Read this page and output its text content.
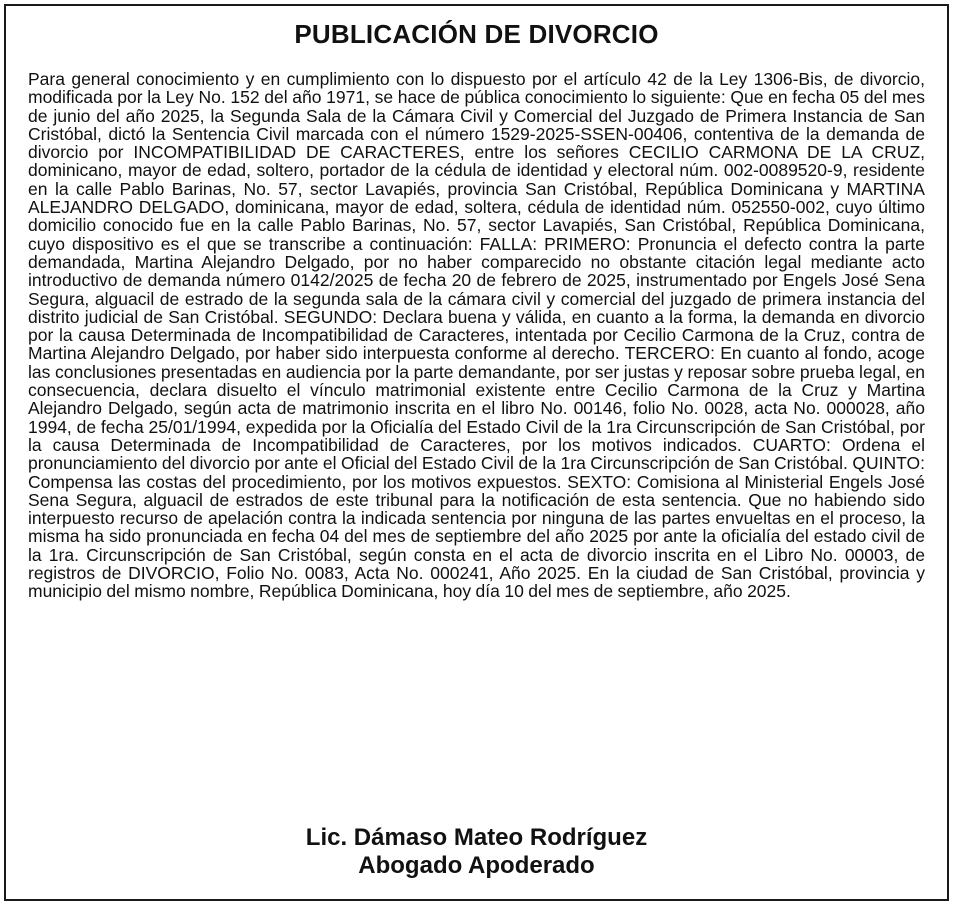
PUBLICACIÓN DE DIVORCIO

Para general conocimiento y en cumplimiento con lo dispuesto por el artículo 42 de la Ley 1306-Bis, de divorcio, modificada por la Ley No. 152 del año 1971, se hace de pública conocimiento lo siguiente: Que en fecha 05 del mes de junio del año 2025, la Segunda Sala de la Cámara Civil y Comercial del Juzgado de Primera Instancia de San Cristóbal, dictó la Sentencia Civil marcada con el número 1529-2025-SSEN-00406, contentiva de la demanda de divorcio por INCOMPATIBILIDAD DE CARACTERES, entre los señores CECILIO CARMONA DE LA CRUZ, dominicano, mayor de edad, soltero, portador de la cédula de identidad y electoral núm. 002-0089520-9, residente en la calle Pablo Barinas, No. 57, sector Lavapiés, provincia San Cristóbal, República Dominicana y MARTINA ALEJANDRO DELGADO, dominicana, mayor de edad, soltera, cédula de identidad núm. 052550-002, cuyo último domicilio conocido fue en la calle Pablo Barinas, No. 57, sector Lavapiés, San Cristóbal, República Dominicana, cuyo dispositivo es el que se transcribe a continuación: FALLA: PRIMERO: Pronuncia el defecto contra la parte demandada, Martina Alejandro Delgado, por no haber comparecido no obstante citación legal mediante acto introductivo de demanda número 0142/2025 de fecha 20 de febrero de 2025, instrumentado por Engels José Sena Segura, alguacil de estrado de la segunda sala de la cámara civil y comercial del juzgado de primera instancia del distrito judicial de San Cristóbal. SEGUNDO: Declara buena y válida, en cuanto a la forma, la demanda en divorcio por la causa Determinada de Incompatibilidad de Caracteres, intentada por Cecilio Carmona de la Cruz, contra de Martina Alejandro Delgado, por haber sido interpuesta conforme al derecho. TERCERO: En cuanto al fondo, acoge las conclusiones presentadas en audiencia por la parte demandante, por ser justas y reposar sobre prueba legal, en consecuencia, declara disuelto el vínculo matrimonial existente entre Cecilio Carmona de la Cruz y Martina Alejandro Delgado, según acta de matrimonio inscrita en el libro No. 00146, folio No. 0028, acta No. 000028, año 1994, de fecha 25/01/1994, expedida por la Oficialía del Estado Civil de la 1ra Circunscripción de San Cristóbal, por la causa Determinada de Incompatibilidad de Caracteres, por los motivos indicados. CUARTO: Ordena el pronunciamiento del divorcio por ante el Oficial del Estado Civil de la 1ra Circunscripción de San Cristóbal. QUINTO: Compensa las costas del procedimiento, por los motivos expuestos. SEXTO: Comisiona al Ministerial Engels José Sena Segura, alguacil de estrados de este tribunal para la notificación de esta sentencia. Que no habiendo sido interpuesto recurso de apelación contra la indicada sentencia por ninguna de las partes envueltas en el proceso, la misma ha sido pronunciada en fecha 04 del mes de septiembre del año 2025 por ante la oficialía del estado civil de la 1ra. Circunscripción de San Cristóbal, según consta en el acta de divorcio inscrita en el Libro No. 00003, de registros de DIVORCIO, Folio No. 0083, Acta No. 000241, Año 2025. En la ciudad de San Cristóbal, provincia y municipio del mismo nombre, República Dominicana, hoy día 10 del mes de septiembre, año 2025.

Lic. Dámaso Mateo Rodríguez
Abogado Apoderado
